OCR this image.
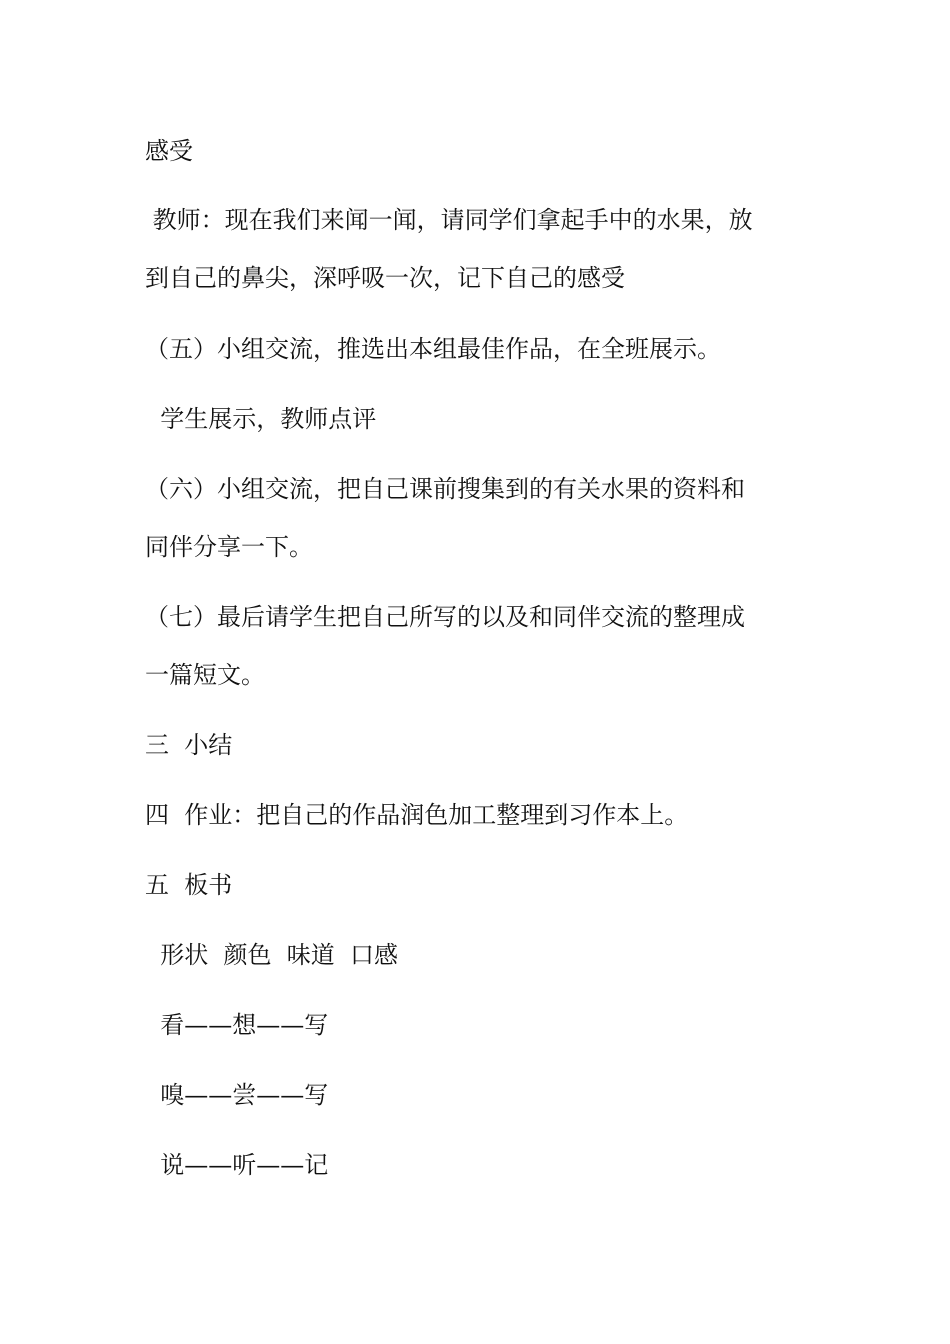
感受
教师：现在我们来闻一闻，请同学们拿起手中的水果，放
到自己的鼻尖，深呼吸一次，记下自己的感受
（五）小组交流，推选出本组最佳作品，在全班展示。
学生展示，教师点评
（六）小组交流，把自己课前搜集到的有关水果的资料和
同伴分享一下。
（七）最后请学生把自己所写的以及和同伴交流的整理成
一篇短文。
三  小结
四  作业：把自己的作品润色加工整理到习作本上。
五  板书
形状  颜色  味道  口感
看——想——写
嗅——尝——写
说——听——记
